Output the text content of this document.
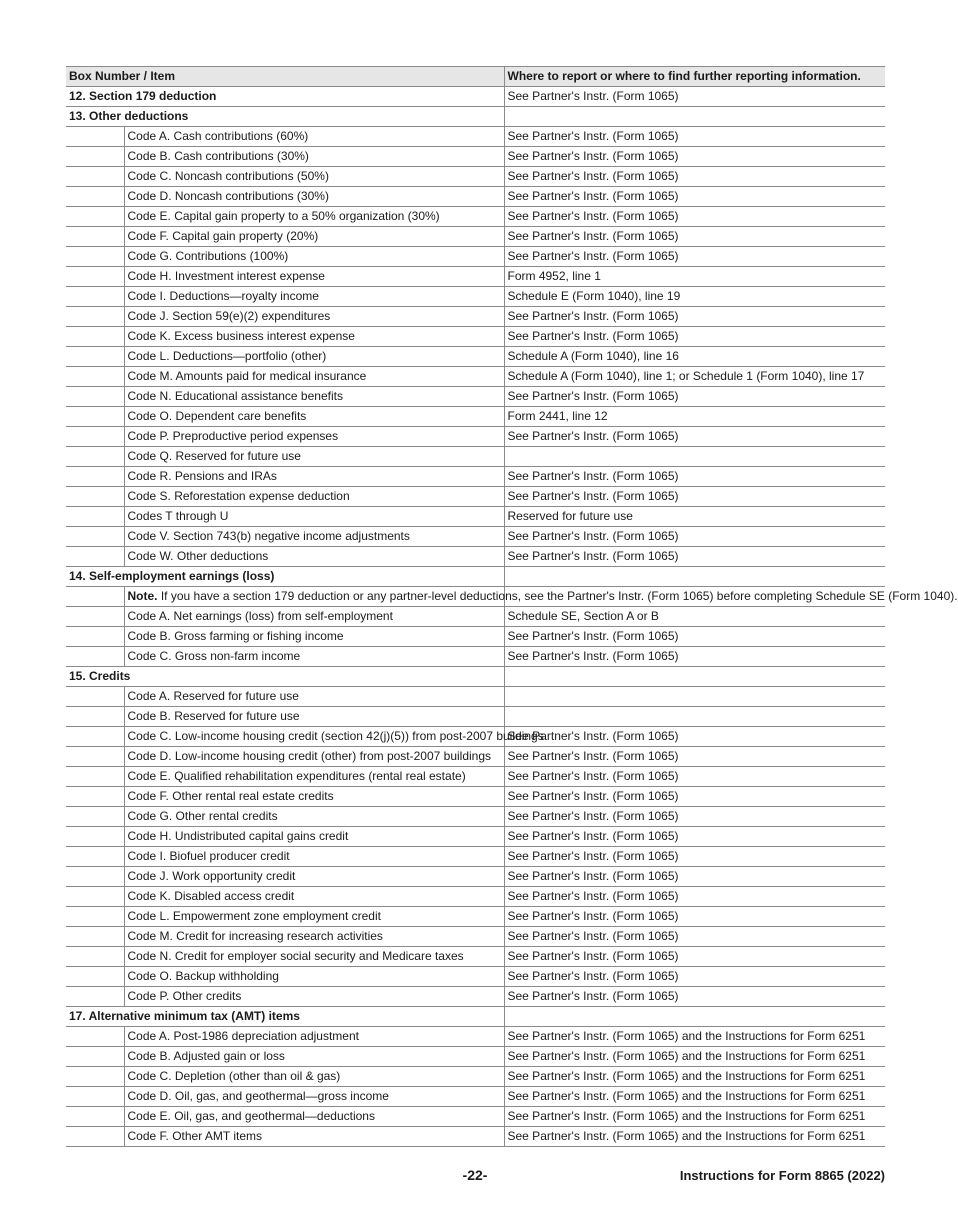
Box Number / Item		Where to report or where to find further reporting information.
12. Section 179 deduction		See Partner's Instr. (Form 1065)
13. Other deductions		
	Code A. Cash contributions (60%)	See Partner's Instr. (Form 1065)
	Code B. Cash contributions (30%)	See Partner's Instr. (Form 1065)
	Code C. Noncash contributions (50%)	See Partner's Instr. (Form 1065)
	Code D. Noncash contributions (30%)	See Partner's Instr. (Form 1065)
	Code E. Capital gain property to a 50% organization (30%)	See Partner's Instr. (Form 1065)
	Code F. Capital gain property (20%)	See Partner's Instr. (Form 1065)
	Code G. Contributions (100%)	See Partner's Instr. (Form 1065)
	Code H. Investment interest expense	Form 4952, line 1
	Code I. Deductions—royalty income	Schedule E (Form 1040), line 19
	Code J. Section 59(e)(2) expenditures	See Partner's Instr. (Form 1065)
	Code K. Excess business interest expense	See Partner's Instr. (Form 1065)
	Code L. Deductions—portfolio (other)	Schedule A (Form 1040), line 16
	Code M. Amounts paid for medical insurance	Schedule A (Form 1040), line 1; or Schedule 1 (Form 1040), line 17
	Code N. Educational assistance benefits	See Partner's Instr. (Form 1065)
	Code O. Dependent care benefits	Form 2441, line 12
	Code P. Preproductive period expenses	See Partner's Instr. (Form 1065)
	Code Q. Reserved for future use	
	Code R. Pensions and IRAs	See Partner's Instr. (Form 1065)
	Code S. Reforestation expense deduction	See Partner's Instr. (Form 1065)
	Codes T through U	Reserved for future use
	Code V. Section 743(b) negative income adjustments	See Partner's Instr. (Form 1065)
	Code W. Other deductions	See Partner's Instr. (Form 1065)
14. Self-employment earnings (loss)		
	Note. If you have a section 179 deduction or any partner-level deductions, see the Partner's Instr. (Form 1065) before completing Schedule SE (Form 1040).	
	Code A. Net earnings (loss) from self-employment	Schedule SE, Section A or B
	Code B. Gross farming or fishing income	See Partner's Instr. (Form 1065)
	Code C. Gross non-farm income	See Partner's Instr. (Form 1065)
15. Credits		
	Code A. Reserved for future use	
	Code B. Reserved for future use	
	Code C. Low-income housing credit (section 42(j)(5)) from post-2007 buildings	See Partner's Instr. (Form 1065)
	Code D. Low-income housing credit (other) from post-2007 buildings	See Partner's Instr. (Form 1065)
	Code E. Qualified rehabilitation expenditures (rental real estate)	See Partner's Instr. (Form 1065)
	Code F. Other rental real estate credits	See Partner's Instr. (Form 1065)
	Code G. Other rental credits	See Partner's Instr. (Form 1065)
	Code H. Undistributed capital gains credit	See Partner's Instr. (Form 1065)
	Code I. Biofuel producer credit	See Partner's Instr. (Form 1065)
	Code J. Work opportunity credit	See Partner's Instr. (Form 1065)
	Code K. Disabled access credit	See Partner's Instr. (Form 1065)
	Code L. Empowerment zone employment credit	See Partner's Instr. (Form 1065)
	Code M. Credit for increasing research activities	See Partner's Instr. (Form 1065)
	Code N. Credit for employer social security and Medicare taxes	See Partner's Instr. (Form 1065)
	Code O. Backup withholding	See Partner's Instr. (Form 1065)
	Code P. Other credits	See Partner's Instr. (Form 1065)
17. Alternative minimum tax (AMT) items		
	Code A. Post-1986 depreciation adjustment	See Partner's Instr. (Form 1065) and the Instructions for Form 6251
	Code B. Adjusted gain or loss	See Partner's Instr. (Form 1065) and the Instructions for Form 6251
	Code C. Depletion (other than oil & gas)	See Partner's Instr. (Form 1065) and the Instructions for Form 6251
	Code D. Oil, gas, and geothermal—gross income	See Partner's Instr. (Form 1065) and the Instructions for Form 6251
	Code E. Oil, gas, and geothermal—deductions	See Partner's Instr. (Form 1065) and the Instructions for Form 6251
	Code F. Other AMT items	See Partner's Instr. (Form 1065) and the Instructions for Form 6251
-22-	Instructions for Form 8865 (2022)
